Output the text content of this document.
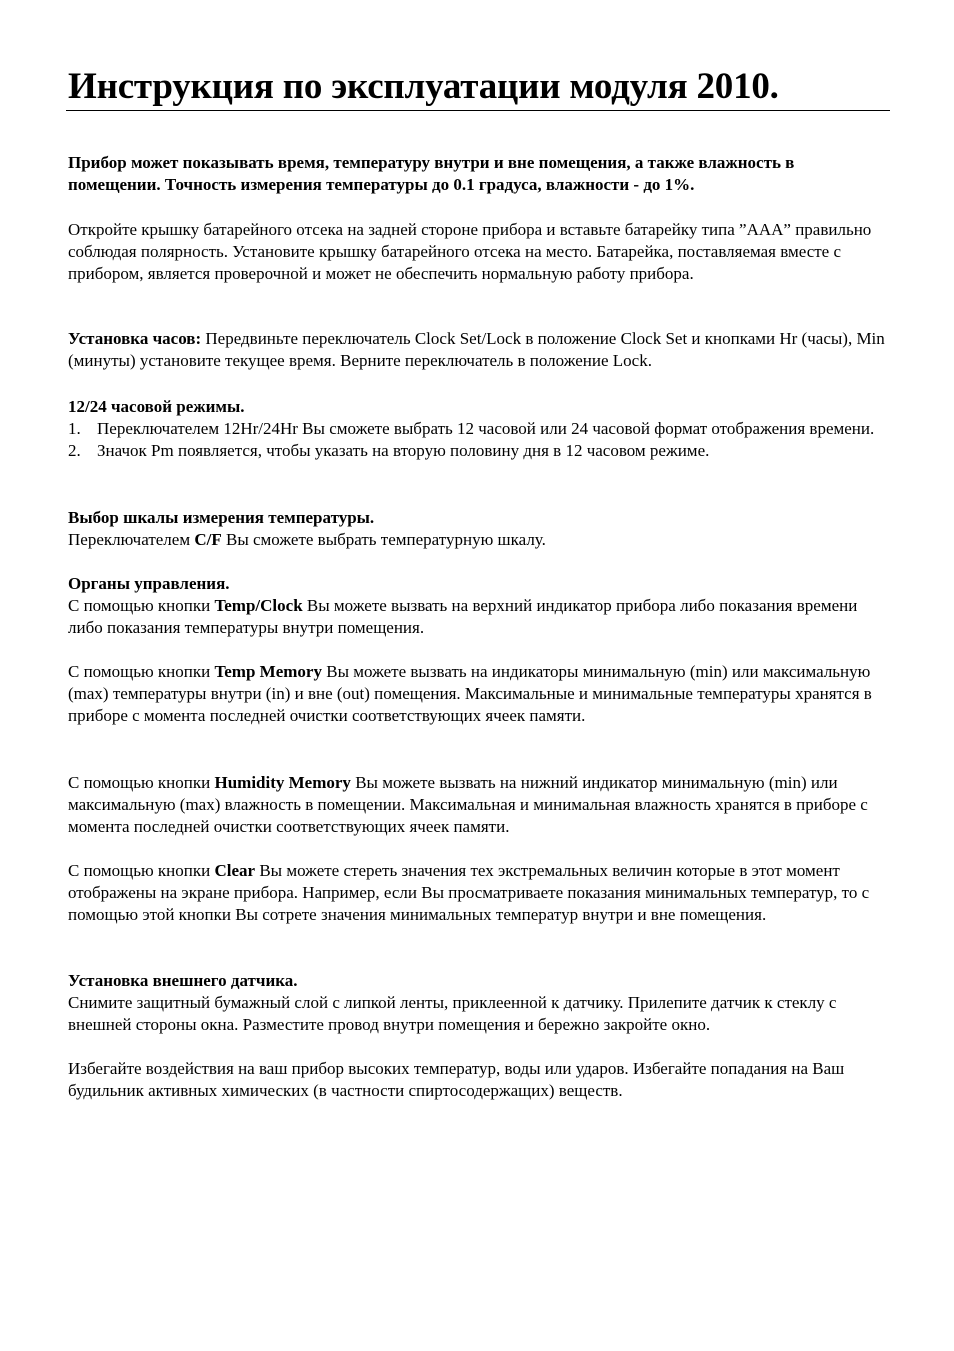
Инструкция по эксплуатации модуля 2010.

Прибор может показывать время, температуру внутри и вне помещения, а также влажность в помещении. Точность измерения температуры до 0.1 градуса, влажности - до 1%.

Откройте крышку батарейного отсека на задней стороне прибора и вставьте батарейку типа ”AAA” правильно соблюдая полярность. Установите крышку батарейного отсека на место. Батарейка, поставляемая вместе с прибором, является проверочной и может не обеспечить нормальную работу прибора.

Установка часов: Передвиньте переключатель Clock Set/Lock в положение Clock Set и кнопками Hr (часы), Min (минуты) установите текущее время. Верните переключатель в положение Lock.

12/24 часовой режимы.

1. Переключателем 12Hr/24Hr Вы сможете выбрать 12 часовой или 24 часовой формат отображения времени.
2. Значок Pm появляется, чтобы указать на вторую половину дня в 12 часовом режиме.

Выбор шкалы измерения температуры.

Переключателем C/F Вы сможете выбрать температурную шкалу.

Органы управления.

С помощью кнопки Temp/Clock Вы можете вызвать на верхний индикатор прибора либо показания времени либо показания температуры внутри помещения.

С помощью кнопки Temp Memory Вы можете вызвать на индикаторы минимальную (min) или максимальную (max) температуры внутри (in) и вне (out) помещения. Максимальные и минимальные температуры хранятся в приборе с момента последней очистки соответствующих ячеек памяти.

С помощью кнопки Humidity Memory Вы можете вызвать на нижний индикатор минимальную (min) или максимальную (max) влажность в помещении. Максимальная и минимальная влажность хранятся в приборе с момента последней очистки соответствующих ячеек памяти.

С помощью кнопки Clear Вы можете стереть значения тех экстремальных величин которые в этот момент отображены на экране прибора. Например, если Вы просматриваете показания минимальных температур, то с помощью этой кнопки Вы сотрете значения минимальных температур внутри и вне помещения.

Установка внешнего датчика.

Снимите защитный бумажный слой с липкой ленты, приклеенной к датчику. Прилепите датчик к стеклу с внешней стороны окна. Разместите провод внутри помещения и бережно закройте окно.

Избегайте воздействия на ваш прибор высоких температур, воды или ударов. Избегайте попадания на Ваш будильник активных химических (в частности спиртосодержащих) веществ.
